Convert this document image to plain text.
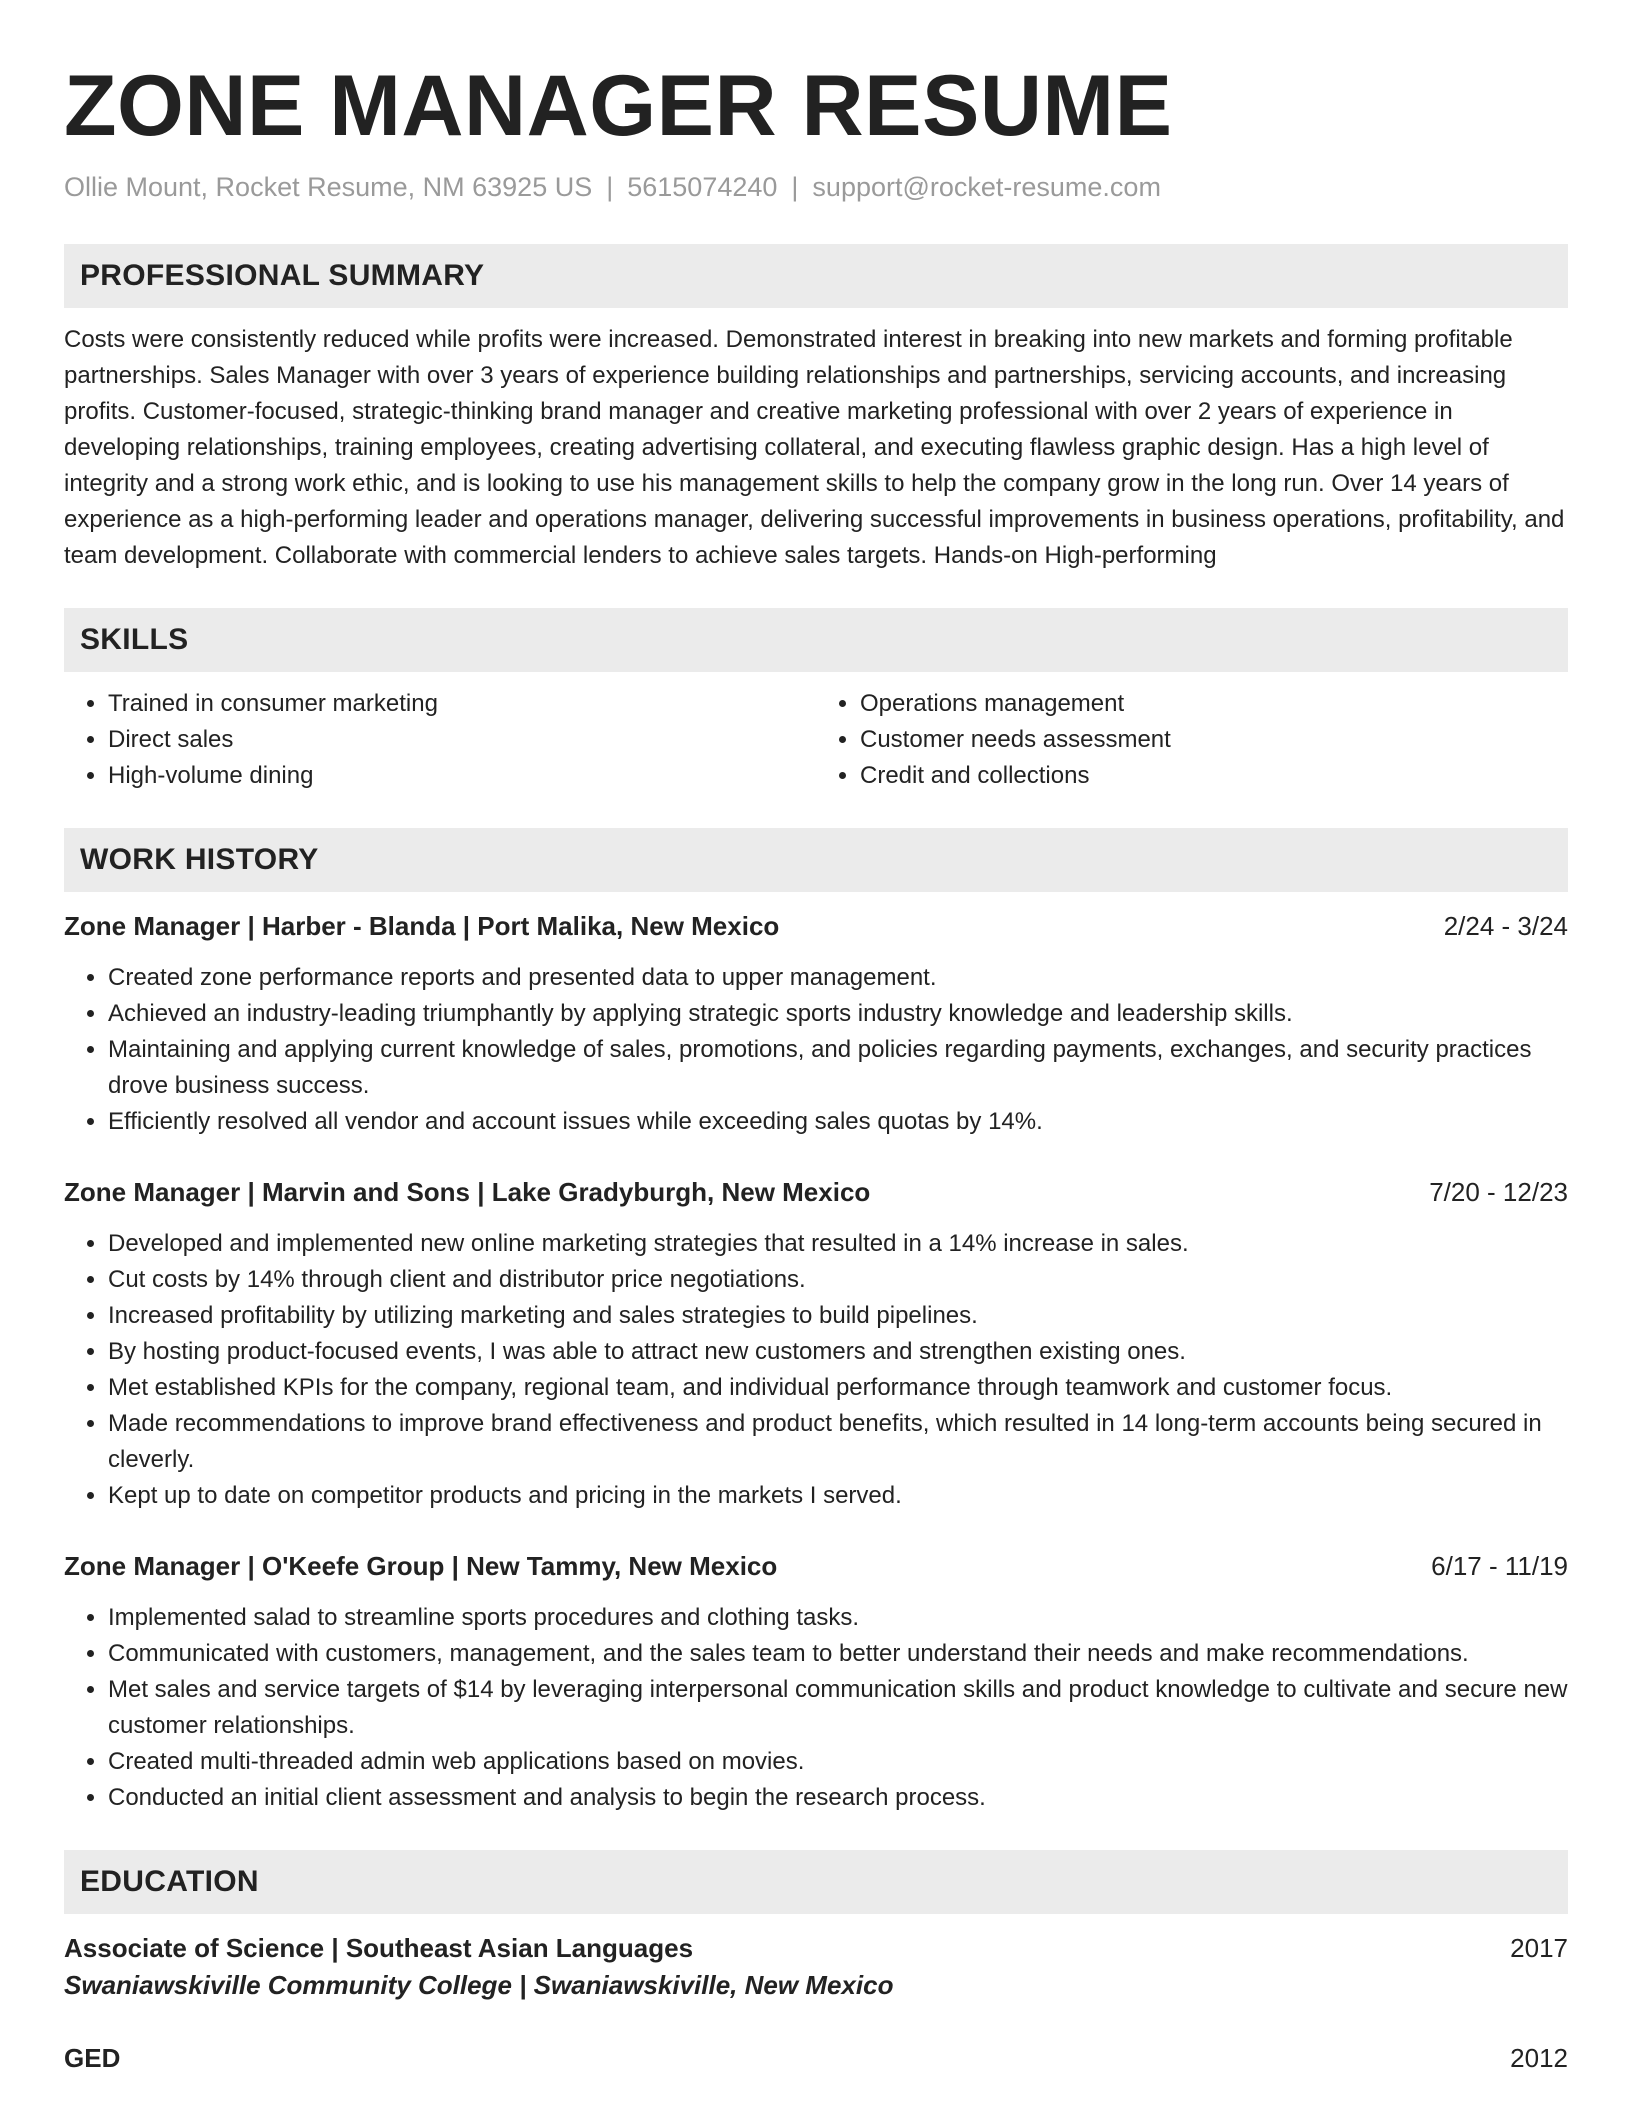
ZONE MANAGER RESUME
Ollie Mount, Rocket Resume, NM 63925 US | 5615074240 | support@rocket-resume.com
PROFESSIONAL SUMMARY

Costs were consistently reduced while profits were increased. Demonstrated interest in breaking into new markets and forming profitable partnerships. Sales Manager with over 3 years of experience building relationships and partnerships, servicing accounts, and increasing profits. Customer-focused, strategic-thinking brand manager and creative marketing professional with over 2 years of experience in developing relationships, training employees, creating advertising collateral, and executing flawless graphic design. Has a high level of integrity and a strong work ethic, and is looking to use his management skills to help the company grow in the long run. Over 14 years of experience as a high-performing leader and operations manager, delivering successful improvements in business operations, profitability, and team development. Collaborate with commercial lenders to achieve sales targets. Hands-on High-performing

SKILLS
• Trained in consumer marketing
• Direct sales
• High-volume dining
• Operations management
• Customer needs assessment
• Credit and collections
WORK HISTORY
Zone Manager | Harber - Blanda | Port Malika, New Mexico	2/24 - 3/24
• Created zone performance reports and presented data to upper management.
• Achieved an industry-leading triumphantly by applying strategic sports industry knowledge and leadership skills.
• Maintaining and applying current knowledge of sales, promotions, and policies regarding payments, exchanges, and security practices drove business success.
• Efficiently resolved all vendor and account issues while exceeding sales quotas by 14%.
Zone Manager | Marvin and Sons | Lake Gradyburgh, New Mexico	7/20 - 12/23
• Developed and implemented new online marketing strategies that resulted in a 14% increase in sales.
• Cut costs by 14% through client and distributor price negotiations.
• Increased profitability by utilizing marketing and sales strategies to build pipelines.
• By hosting product-focused events, I was able to attract new customers and strengthen existing ones.
• Met established KPIs for the company, regional team, and individual performance through teamwork and customer focus.
• Made recommendations to improve brand effectiveness and product benefits, which resulted in 14 long-term accounts being secured in cleverly.
• Kept up to date on competitor products and pricing in the markets I served.
Zone Manager | O'Keefe Group | New Tammy, New Mexico	6/17 - 11/19
• Implemented salad to streamline sports procedures and clothing tasks.
• Communicated with customers, management, and the sales team to better understand their needs and make recommendations.
• Met sales and service targets of $14 by leveraging interpersonal communication skills and product knowledge to cultivate and secure new customer relationships.
• Created multi-threaded admin web applications based on movies.
• Conducted an initial client assessment and analysis to begin the research process.
EDUCATION
Associate of Science | Southeast Asian Languages	2017
Swaniawskiville Community College | Swaniawskiville, New Mexico
GED	2012
